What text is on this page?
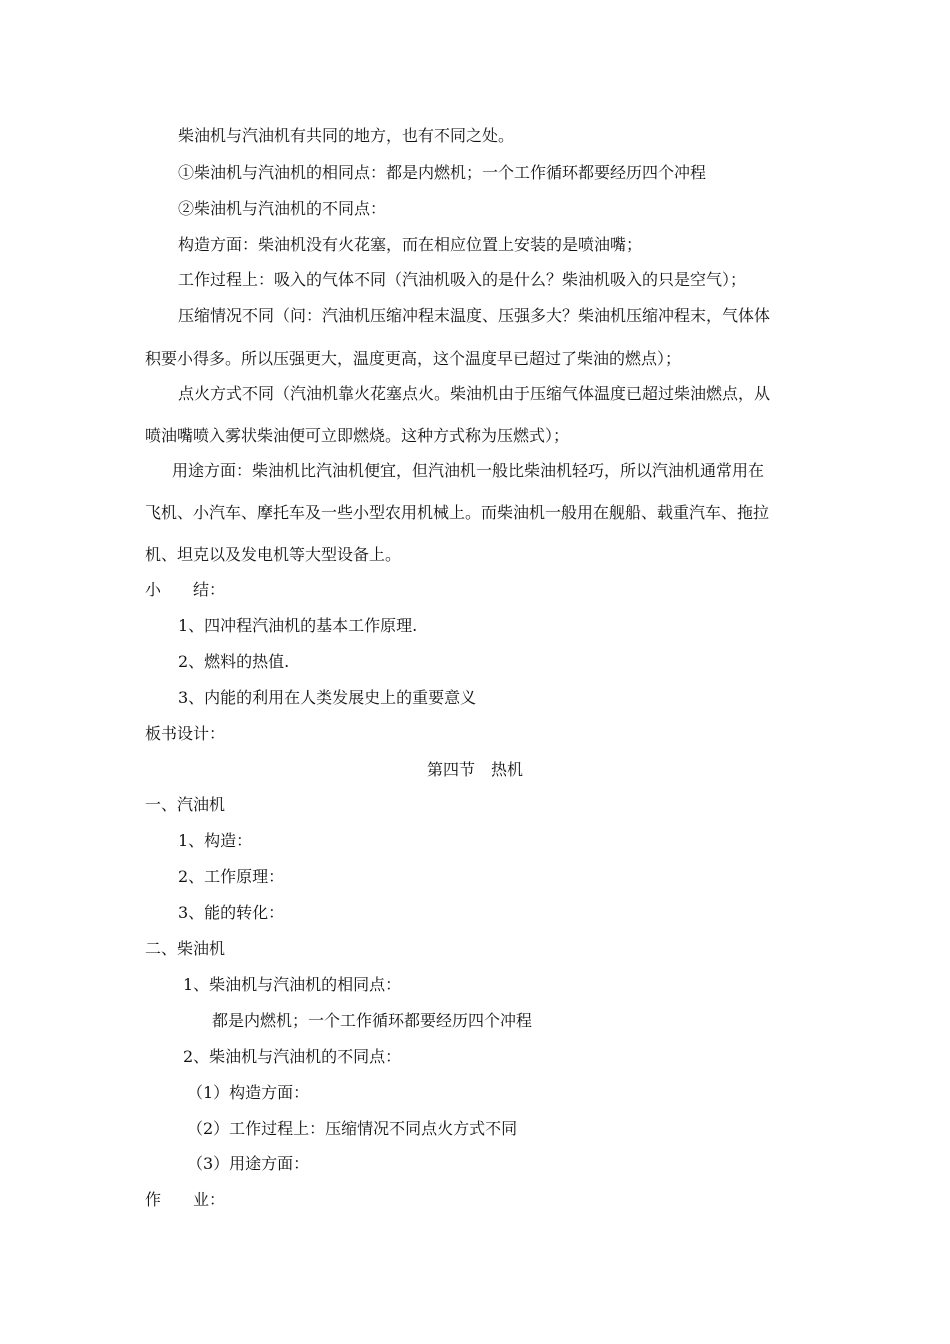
柴油机与汽油机有共同的地方，也有不同之处。
①柴油机与汽油机的相同点：都是内燃机；一个工作循环都要经历四个冲程
②柴油机与汽油机的不同点：
构造方面：柴油机没有火花塞，而在相应位置上安装的是喷油嘴；
工作过程上：吸入的气体不同（汽油机吸入的是什么？柴油机吸入的只是空气）；
压缩情况不同（问：汽油机压缩冲程末温度、压强多大？柴油机压缩冲程末，气体体
积要小得多。所以压强更大，温度更高，这个温度早已超过了柴油的燃点）；
点火方式不同（汽油机靠火花塞点火。柴油机由于压缩气体温度已超过柴油燃点，从
喷油嘴喷入雾状柴油便可立即燃烧。这种方式称为压燃式）；
用途方面：柴油机比汽油机便宜，但汽油机一般比柴油机轻巧，所以汽油机通常用在
飞机、小汽车、摩托车及一些小型农用机械上。而柴油机一般用在舰船、载重汽车、拖拉
机、坦克以及发电机等大型设备上。
小　　结：
1、四冲程汽油机的基本工作原理.
2、燃料的热值.
3、内能的利用在人类发展史上的重要意义
板书设计：
第四节　热机
一、汽油机
1、构造：
2、工作原理：
3、能的转化：
二、柴油机
1、柴油机与汽油机的相同点：
都是内燃机；一个工作循环都要经历四个冲程
2、柴油机与汽油机的不同点：
（1）构造方面：
（2）工作过程上：压缩情况不同点火方式不同
（3）用途方面：
作　　业：
